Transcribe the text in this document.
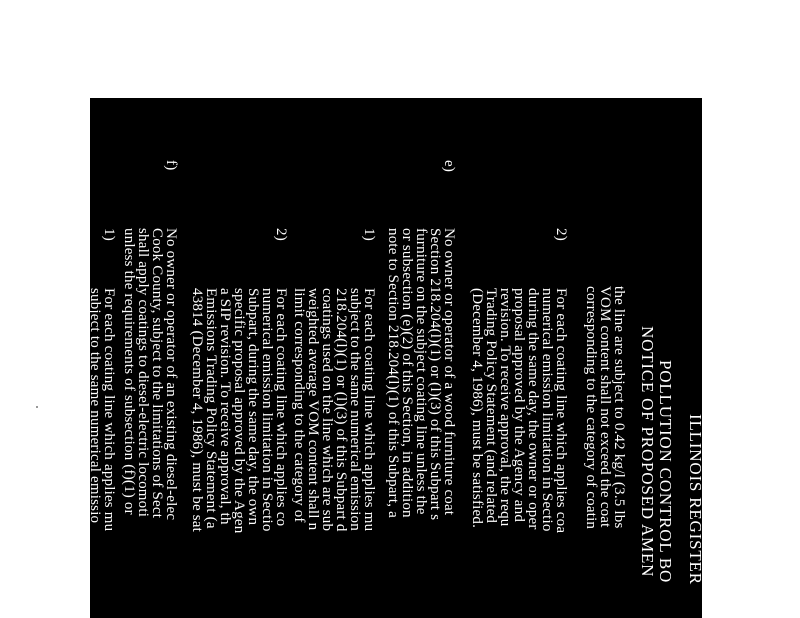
ILLINOIS REGISTER
POLLUTION CONTROL BO
NOTICE OF PROPOSED AMEN
the line are subject to 0.42 kg/l (3.5 lbs
VOM content shall not exceed the coat
corresponding to the category of coatin
2)
For each coating line which applies coa
numerical emission limitation in Sectio
during the same day, the owner or oper
proposal approved by the Agency and
revision. To receive approval, the requ
Trading Policy Statement (and related
(December 4, 1986), must be satisfied.
e)
No owner or operator of a wood furniture coat
Section 218.204(l)(1) or (l)(3) of this Subpart s
furniture on the subject coating line unless the
or subsection (e)(2) of this Section, in addition
note to Section 218.204(l)(1) of this Subpart, a
1)
For each coating line which applies mu
subject to the same numerical emission
218.204(l)(1) or (l)(3) of this Subpart d
coatings used on the line which are sub
weighted average VOM content shall n
limit corresponding to the category of
2)
For each coating line which applies co
numerical emission limitation in Sectio
Subpart, during the same day, the own
specific proposal approved by the Agen
a SIP revision. To receive approval, th
Emissions Trading Policy Statement (a
43814 (December 4, 1986), must be sat
f)
No owner or operator of an existing diesel-elec
Cook County, subject to the limitations of Sect
shall apply coatings to diesel-electric locomoti
unless the requirements of subsection (f)(1) or
1)
For each coating line which applies mu
subject to the same numerical emissio
